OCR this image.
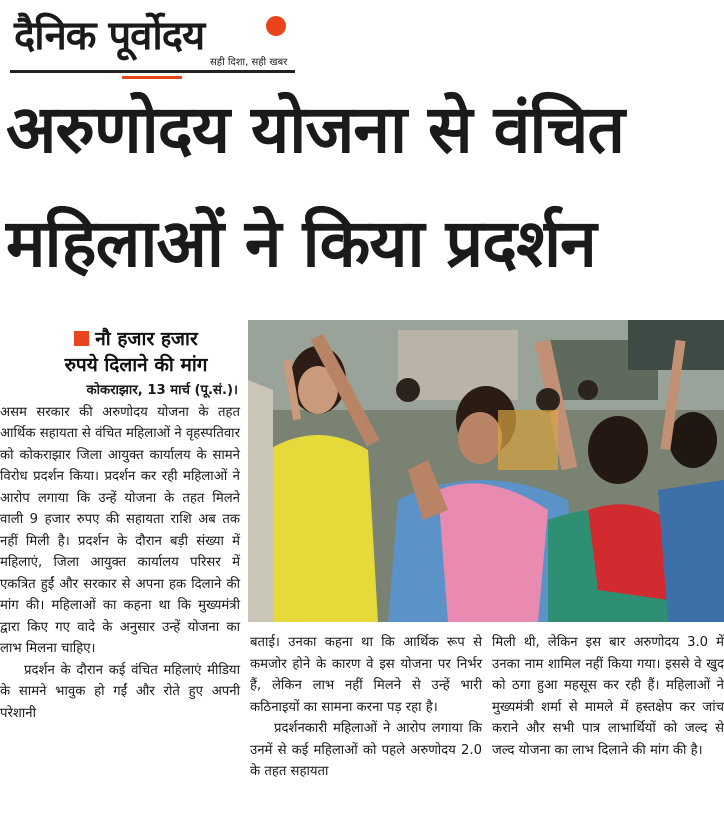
दैनिक पूर्वोदय
सही दिशा, सही खबर
अरुणोदय योजना से वंचित
महिलाओं ने किया प्रदर्शन
नौ हजार हजार
रुपये दिलाने की मांग

कोकराझार, 13 मार्च (पू.सं.)।

असम सरकार की अरुणोदय योजना के तहत आर्थिक सहायता से वंचित महिलाओं ने वृहस्पतिवार को कोकराझार जिला आयुक्त कार्यालय के सामने विरोध प्रदर्शन किया। प्रदर्शन कर रही महिलाओं ने आरोप लगाया कि उन्हें योजना के तहत मिलने वाली 9 हजार रुपए की सहायता राशि अब तक नहीं मिली है। प्रदर्शन के दौरान बड़ी संख्या में महिलाएं, जिला आयुक्त कार्यालय परिसर में एकत्रित हुईं और सरकार से अपना हक दिलाने की मांग की। महिलाओं का कहना था कि मुख्यमंत्री द्वारा किए गए वादे के अनुसार उन्हें योजना का लाभ मिलना चाहिए।

प्रदर्शन के दौरान कई वंचित महिलाएं मीडिया के सामने भावुक हो गईं और रोते हुए अपनी परेशानी

बताई। उनका कहना था कि आर्थिक रूप से कमजोर होने के कारण वे इस योजना पर निर्भर हैं, लेकिन लाभ नहीं मिलने से उन्हें भारी कठिनाइयों का सामना करना पड़ रहा है।

प्रदर्शनकारी महिलाओं ने आरोप लगाया कि उनमें से कई महिलाओं को पहले अरुणोदय 2.0 के तहत सहायता

मिली थी, लेकिन इस बार अरुणोदय 3.0 में उनका नाम शामिल नहीं किया गया। इससे वे खुद को ठगा हुआ महसूस कर रही हैं। महिलाओं ने मुख्यमंत्री शर्मा से मामले में हस्तक्षेप कर जांच कराने और सभी पात्र लाभार्थियों को जल्द से जल्द योजना का लाभ दिलाने की मांग की है।
